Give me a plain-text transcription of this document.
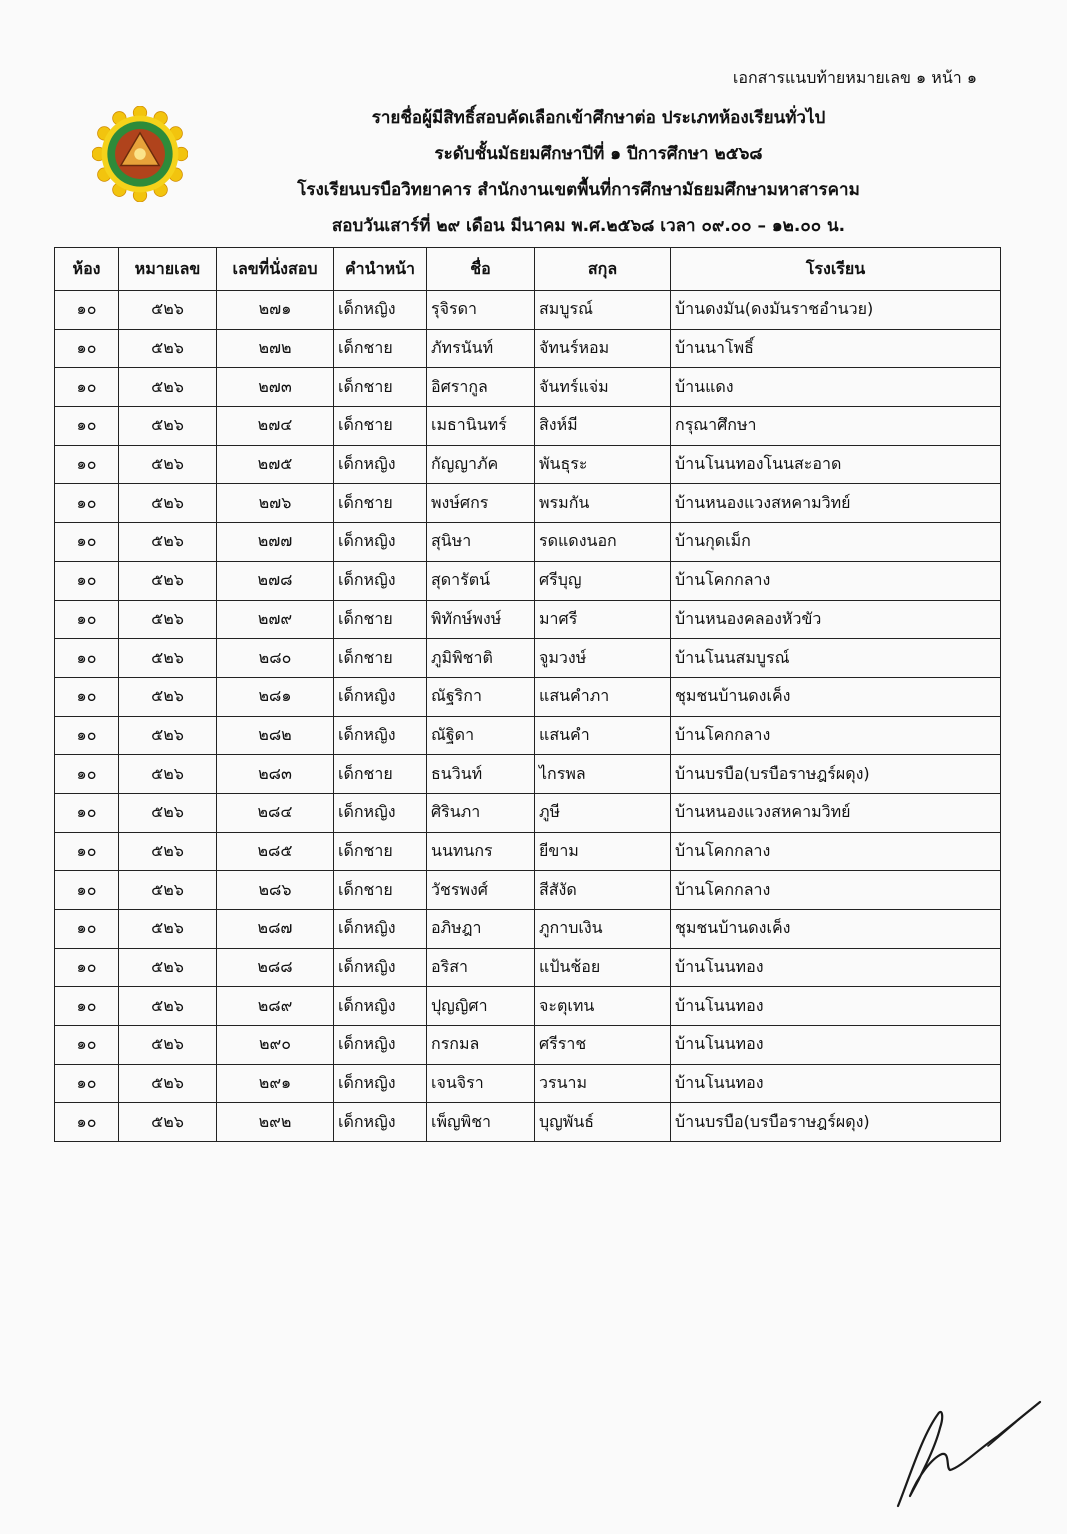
เอกสารแนบท้ายหมายเลข ๑ หน้า ๑
รายชื่อผู้มีสิทธิ์สอบคัดเลือกเข้าศึกษาต่อ ประเภทห้องเรียนทั่วไป
ระดับชั้นมัธยมศึกษาปีที่ ๑ ปีการศึกษา ๒๕๖๘
โรงเรียนบรบือวิทยาคาร สำนักงานเขตพื้นที่การศึกษามัธยมศึกษามหาสารคาม
สอบวันเสาร์ที่ ๒๙ เดือน มีนาคม พ.ศ.๒๕๖๘ เวลา ๐๙.๐๐ – ๑๒.๐๐ น.
ห้อง	หมายเลข	เลขที่นั่งสอบ	คำนำหน้า	ชื่อ	สกุล	โรงเรียน
๑๐	๕๒๖	๒๗๑	เด็กหญิง	รุจิรดา	สมบูรณ์	บ้านดงมัน(ดงมันราชอำนวย)
๑๐	๕๒๖	๒๗๒	เด็กชาย	ภัทรนันท์	จัทนร์หอม	บ้านนาโพธิ์
๑๐	๕๒๖	๒๗๓	เด็กชาย	อิศรากูล	จันทร์แจ่ม	บ้านแดง
๑๐	๕๒๖	๒๗๔	เด็กชาย	เมธานินทร์	สิงห์มี	กรุณาศึกษา
๑๐	๕๒๖	๒๗๕	เด็กหญิง	กัญญาภัค	พันธุระ	บ้านโนนทองโนนสะอาด
๑๐	๕๒๖	๒๗๖	เด็กชาย	พงษ์ศกร	พรมกัน	บ้านหนองแวงสหคามวิทย์
๑๐	๕๒๖	๒๗๗	เด็กหญิง	สุนิษา	รดแดงนอก	บ้านกุดเม็ก
๑๐	๕๒๖	๒๗๘	เด็กหญิง	สุดารัตน์	ศรีบุญ	บ้านโคกกลาง
๑๐	๕๒๖	๒๗๙	เด็กชาย	พิทักษ์พงษ์	มาศรี	บ้านหนองคลองหัวขัว
๑๐	๕๒๖	๒๘๐	เด็กชาย	ภูมิพิชาติ	จูมวงษ์	บ้านโนนสมบูรณ์
๑๐	๕๒๖	๒๘๑	เด็กหญิง	ณัฐริกา	แสนคำภา	ชุมชนบ้านดงเค็ง
๑๐	๕๒๖	๒๘๒	เด็กหญิง	ณัฐิดา	แสนคำ	บ้านโคกกลาง
๑๐	๕๒๖	๒๘๓	เด็กชาย	ธนวินท์	ไกรพล	บ้านบรบือ(บรบือราษฎร์ผดุง)
๑๐	๕๒๖	๒๘๔	เด็กหญิง	ศิรินภา	ภูษี	บ้านหนองแวงสหคามวิทย์
๑๐	๕๒๖	๒๘๕	เด็กชาย	นนทนกร	ยีขาม	บ้านโคกกลาง
๑๐	๕๒๖	๒๘๖	เด็กชาย	วัชรพงศ์	สีสังัด	บ้านโคกกลาง
๑๐	๕๒๖	๒๘๗	เด็กหญิง	อภิษฎา	ภูกาบเงิน	ชุมชนบ้านดงเค็ง
๑๐	๕๒๖	๒๘๘	เด็กหญิง	อริสา	แป้นช้อย	บ้านโนนทอง
๑๐	๕๒๖	๒๘๙	เด็กหญิง	ปุญญิศา	จะตุเทน	บ้านโนนทอง
๑๐	๕๒๖	๒๙๐	เด็กหญิง	กรกมล	ศรีราช	บ้านโนนทอง
๑๐	๕๒๖	๒๙๑	เด็กหญิง	เจนจิรา	วรนาม	บ้านโนนทอง
๑๐	๕๒๖	๒๙๒	เด็กหญิง	เพ็ญพิชา	บุญพันธ์	บ้านบรบือ(บรบือราษฎร์ผดุง)
